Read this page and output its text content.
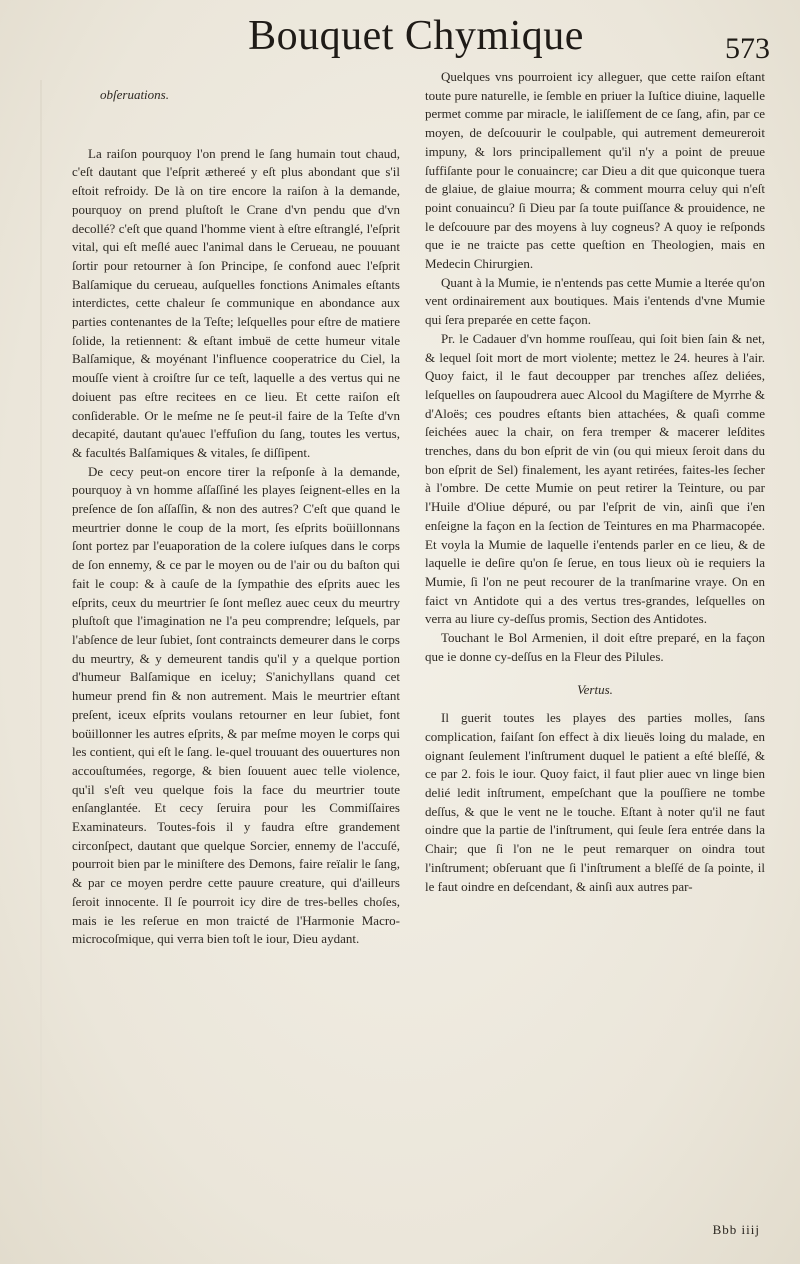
Bouquet Chymique	573

obſeruations.

La raiſon pourquoy l'on prend le ſang humain tout chaud, c'eſt dautant que l'eſprit æthereé y eſt plus abondant que s'il eſtoit refroidy. De là on tire encore la raiſon à la demande, pourquoy on prend pluſtoſt le Crane d'vn pendu que d'vn decollé? c'eſt que quand l'homme vient à eſtre eſtranglé, l'eſprit vital, qui eſt meſlé auec l'animal dans le Cerueau, ne pouuant ſortir pour retourner à ſon Principe, ſe confond auec l'eſprit Balſamique du cerueau, auſquelles fonctions Animales eſtants interdictes, cette chaleur ſe communique en abondance aux parties contenantes de la Teſte; leſquelles pour eſtre de matiere ſolide, la retiennent: & eſtant imbuë de cette humeur vitale Balſamique, & moyénant l'influence cooperatrice du Ciel, la mouſſe vient à croiſtre ſur ce teſt, laquelle a des vertus qui ne doiuent pas eſtre recitees en ce lieu. Et cette raiſon eſt conſiderable. Or le meſme ne ſe peut-il faire de la Teſte d'vn decapité, dautant qu'auec l'effuſion du ſang, toutes les vertus, & facultés Balſamiques & vitales, ſe diſſipent.

De cecy peut-on encore tirer la reſponſe à la demande, pourquoy à vn homme aſſaſſiné les playes ſeignent-elles en la preſence de ſon aſſaſſin, & non des autres? C'eſt que quand le meurtrier donne le coup de la mort, ſes eſprits boüillonnans ſont portez par l'euaporation de la colere iuſques dans le corps de ſon ennemy, & ce par le moyen ou de l'air ou du baſton qui fait le coup: & à cauſe de la ſympathie des eſprits auec les eſprits, ceux du meurtrier ſe ſont meſlez auec ceux du meurtry pluſtoſt que l'imagination ne l'a peu comprendre; leſquels, par l'abſence de leur ſubiet, ſont contraincts demeurer dans le corps du meurtry, & y demeurent tandis qu'il y a quelque portion d'humeur Balſamique en iceluy; S'anichyllans quand cet humeur prend fin & non autrement. Mais le meurtrier eſtant preſent, iceux eſprits voulans retourner en leur ſubiet, font boüillonner les autres eſprits, & par meſme moyen le corps qui les contient, qui eſt le ſang. le-quel trouuant des ouuertures non accouſtumées, regorge, & bien ſouuent auec telle violence, qu'il s'eſt veu quelque fois la face du meurtrier toute enſanglantée. Et cecy ſeruira pour les Commiſſaires Examinateurs. Toutes-fois il y faudra eſtre grandement circonſpect, dautant que quelque Sorcier, ennemy de l'accuſé, pourroit bien par le miniſtere des Demons, faire reïalir le ſang, & par ce moyen perdre cette pauure creature, qui d'ailleurs ſeroit innocente. Il ſe pourroit icy dire de tres-belles choſes, mais ie les reſerue en mon traicté de l'Harmonie Macro-microcoſmique, qui verra bien toſt le iour, Dieu aydant.

Quelques vns pourroient icy alleguer, que cette raiſon eſtant toute pure naturelle, ie ſemble en priuer la Iuſtice diuine, laquelle permet comme par miracle, le ialiſſement de ce ſang, afin, par ce moyen, de deſcouurir le coulpable, qui autrement demeureroit impuny, & lors principallement qu'il n'y a point de preuue ſuffiſante pour le conuaincre; car Dieu a dit que quiconque tuera de glaiue, de glaiue mourra; & comment mourra celuy qui n'eſt point conuaincu? ſi Dieu par ſa toute puiſſance & prouidence, ne le deſcouure par des moyens à luy cogneus? A quoy ie reſponds que ie ne traicte pas cette queſtion en Theologien, mais en Medecin Chirurgien.

Quant à la Mumie, ie n'entends pas cette Mumie a lterée qu'on vent ordinairement aux boutiques. Mais i'entends d'vne Mumie qui ſera preparée en cette façon.

Pr. le Cadauer d'vn homme rouſſeau, qui ſoit bien ſain & net, & lequel ſoit mort de mort violente; mettez le 24. heures à l'air. Quoy faict, il le faut decoupper par trenches aſſez deliées, leſquelles on ſaupoudrera auec Alcool du Magiſtere de Myrrhe & d'Aloës; ces poudres eſtants bien attachées, & quaſi comme ſeichées auec la chair, on fera tremper & macerer leſdites trenches, dans du bon eſprit de vin (ou qui mieux ſeroit dans du bon eſprit de Sel) finalement, les ayant retirées, faites-les ſecher à l'ombre. De cette Mumie on peut retirer la Teinture, ou par l'Huile d'Oliue dépuré, ou par l'eſprit de vin, ainſi que i'en enſeigne la façon en la ſection de Teintures en ma Pharmacopée. Et voyla la Mumie de laquelle i'entends parler en ce lieu, & de laquelle ie deſire qu'on ſe ſerue, en tous lieux où ie requiers la Mumie, ſi l'on ne peut recourer de la tranſmarine vraye. On en faict vn Antidote qui a des vertus tres-grandes, leſquelles on verra au liure cy-deſſus promis, Section des Antidotes.

Touchant le Bol Armenien, il doit eſtre preparé, en la façon que ie donne cy-deſſus en la Fleur des Pilules.

Vertus.

Il guerit toutes les playes des parties molles, ſans complication, faiſant ſon effect à dix lieuës loing du malade, en oignant ſeulement l'inſtrument duquel le patient a eſté bleſſé, & ce par 2. fois le iour. Quoy faict, il faut plier auec vn linge bien delié ledit inſtrument, empeſchant que la pouſſiere ne tombe deſſus, & que le vent ne le touche. Eſtant à noter qu'il ne faut oindre que la partie de l'inſtrument, qui ſeule ſera entrée dans la Chair; que ſi l'on ne le peut remarquer on oindra tout l'inſtrument; obſeruant que ſi l'inſtrument a bleſſé de ſa pointe, il le faut oindre en deſcendant, & ainſi aux autres par-

Bbb iiij
